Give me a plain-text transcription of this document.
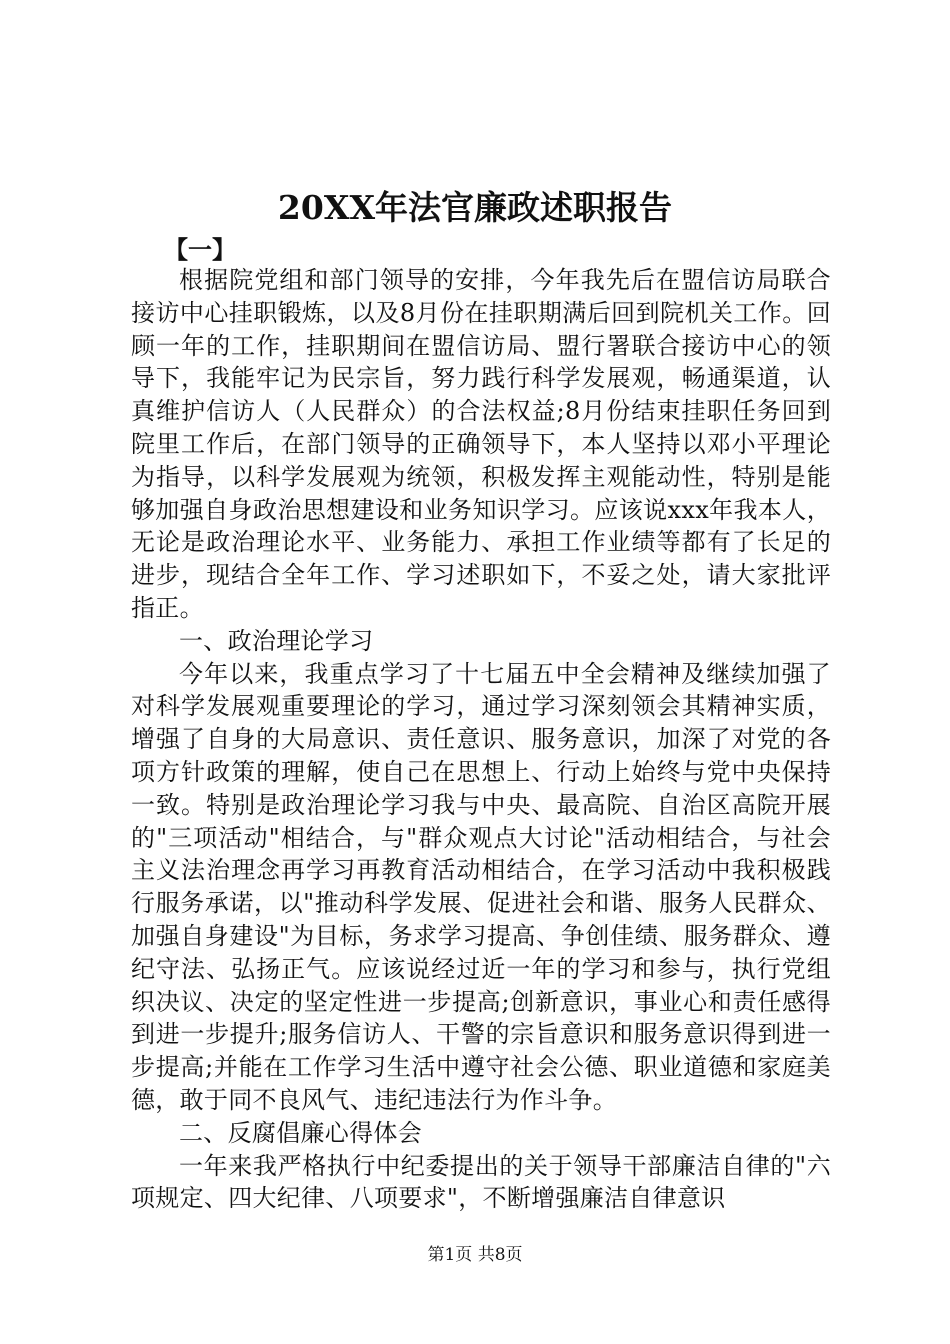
20XX年法官廉政述职报告
【一】

根据院党组和部门领导的安排，今年我先后在盟信访局联合接访中心挂职锻炼，以及8月份在挂职期满后回到院机关工作。回顾一年的工作，挂职期间在盟信访局、盟行署联合接访中心的领导下，我能牢记为民宗旨，努力践行科学发展观，畅通渠道，认真维护信访人（人民群众）的合法权益;8月份结束挂职任务回到院里工作后，在部门领导的正确领导下，本人坚持以邓小平理论为指导，以科学发展观为统领，积极发挥主观能动性，特别是能够加强自身政治思想建设和业务知识学习。应该说xxx年我本人，无论是政治理论水平、业务能力、承担工作业绩等都有了长足的进步，现结合全年工作、学习述职如下，不妥之处，请大家批评指正。

一、政治理论学习

今年以来，我重点学习了十七届五中全会精神及继续加强了对科学发展观重要理论的学习，通过学习深刻领会其精神实质，增强了自身的大局意识、责任意识、服务意识，加深了对党的各项方针政策的理解，使自己在思想上、行动上始终与党中央保持一致。特别是政治理论学习我与中央、最高院、自治区高院开展的"三项活动"相结合，与"群众观点大讨论"活动相结合，与社会主义法治理念再学习再教育活动相结合，在学习活动中我积极践行服务承诺，以"推动科学发展、促进社会和谐、服务人民群众、加强自身建设"为目标，务求学习提高、争创佳绩、服务群众、遵纪守法、弘扬正气。应该说经过近一年的学习和参与，执行党组织决议、决定的坚定性进一步提高;创新意识，事业心和责任感得到进一步提升;服务信访人、干警的宗旨意识和服务意识得到进一步提高;并能在工作学习生活中遵守社会公德、职业道德和家庭美德，敢于同不良风气、违纪违法行为作斗争。

二、反腐倡廉心得体会

一年来我严格执行中纪委提出的关于领导干部廉洁自律的"六项规定、四大纪律、八项要求"，不断增强廉洁自律意识

第1页 共8页
